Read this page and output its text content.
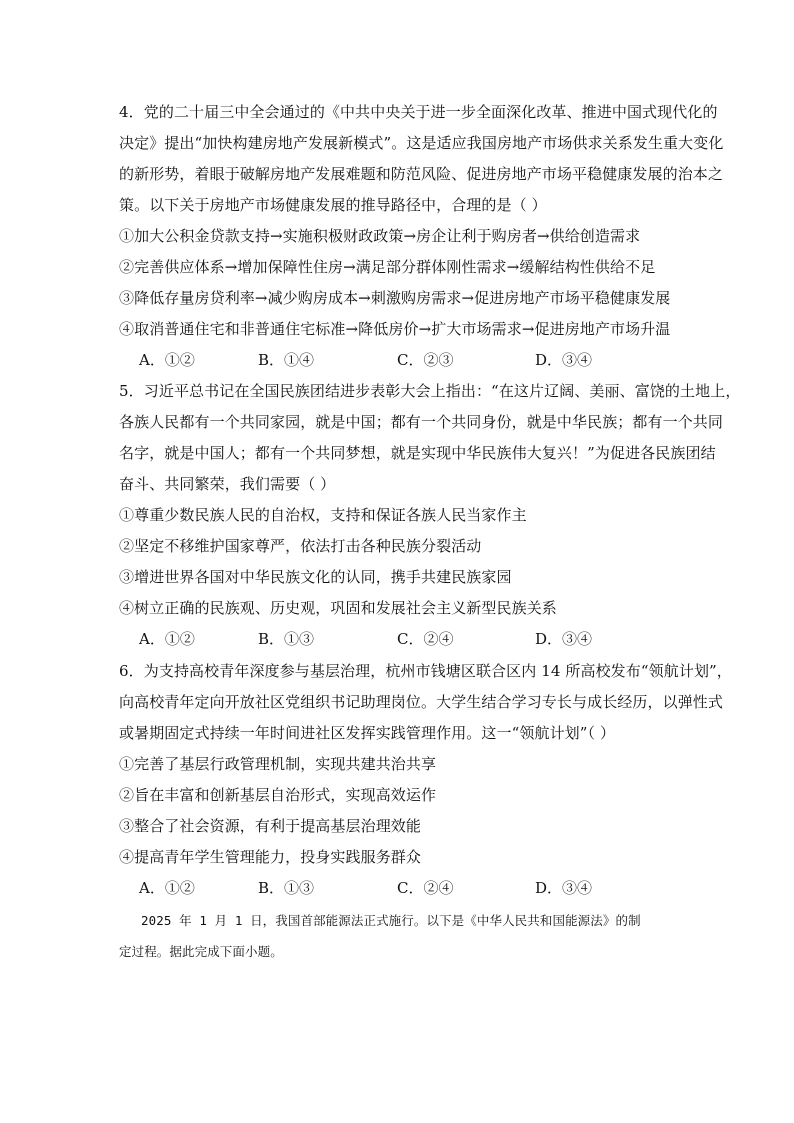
4．党的二十届三中全会通过的《中共中央关于进一步全面深化改革、推进中国式现代化的
决定》提出“加快构建房地产发展新模式”。这是适应我国房地产市场供求关系发生重大变化
的新形势，着眼于破解房地产发展难题和防范风险、促进房地产市场平稳健康发展的治本之
策。以下关于房地产市场健康发展的推导路径中，合理的是（ ）
①加大公积金贷款支持→实施积极财政政策→房企让利于购房者→供给创造需求
②完善供应体系→增加保障性住房→满足部分群体刚性需求→缓解结构性供给不足
③降低存量房贷利率→减少购房成本→刺激购房需求→促进房地产市场平稳健康发展
④取消普通住宅和非普通住宅标准→降低房价→扩大市场需求→促进房地产市场升温
A．①②	B．①④	C．②③	D．③④
5．习近平总书记在全国民族团结进步表彰大会上指出：“在这片辽阔、美丽、富饶的土地上，
各族人民都有一个共同家园，就是中国；都有一个共同身份，就是中华民族；都有一个共同
名字，就是中国人；都有一个共同梦想，就是实现中华民族伟大复兴！”为促进各民族团结
奋斗、共同繁荣，我们需要（ ）
①尊重少数民族人民的自治权，支持和保证各族人民当家作主
②坚定不移维护国家尊严，依法打击各种民族分裂活动
③增进世界各国对中华民族文化的认同，携手共建民族家园
④树立正确的民族观、历史观，巩固和发展社会主义新型民族关系
A．①②	B．①③	C．②④	D．③④
6．为支持高校青年深度参与基层治理，杭州市钱塘区联合区内 14 所高校发布“领航计划”，
向高校青年定向开放社区党组织书记助理岗位。大学生结合学习专长与成长经历，以弹性式
或暑期固定式持续一年时间进社区发挥实践管理作用。这一“领航计划”（ ）
①完善了基层行政管理机制，实现共建共治共享
②旨在丰富和创新基层自治形式，实现高效运作
③整合了社会资源，有利于提高基层治理效能
④提高青年学生管理能力，投身实践服务群众
A．①②	B．①③	C．②④	D．③④
2025 年 1 月 1 日，我国首部能源法正式施行。以下是《中华人民共和国能源法》的制
定过程。据此完成下面小题。
